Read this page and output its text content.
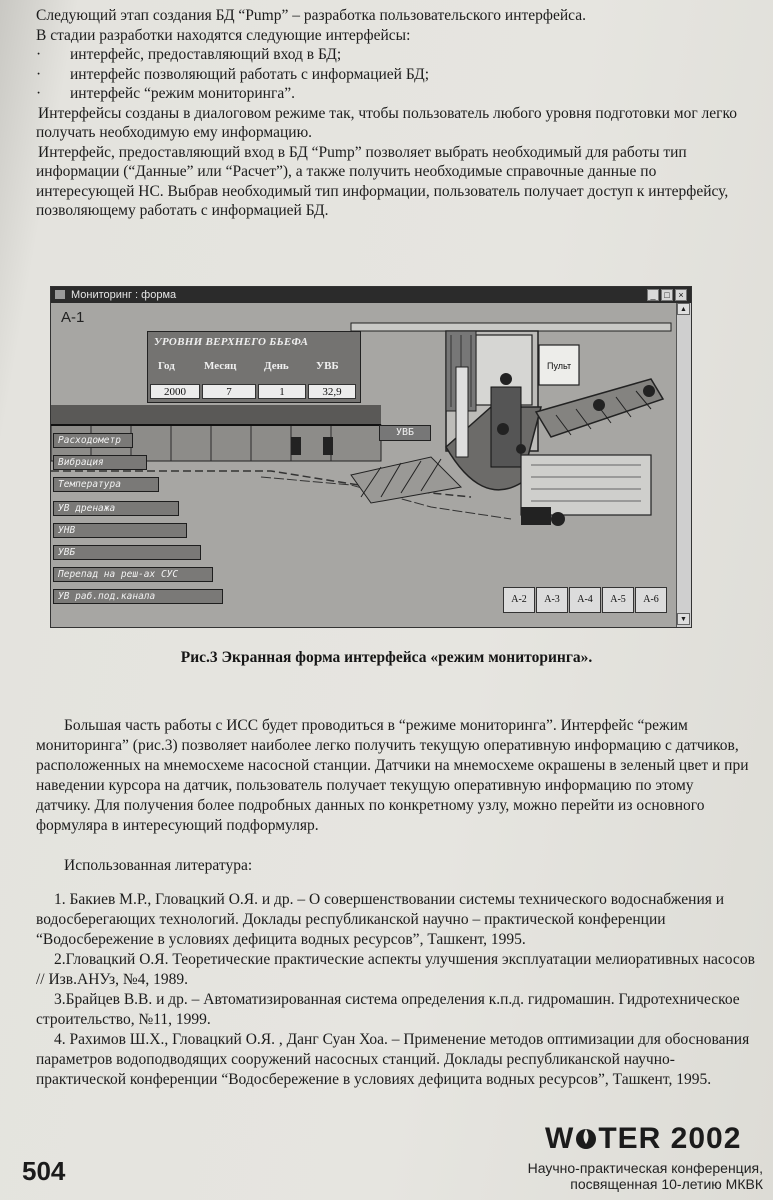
Следующий этап создания БД “Pump” – разработка пользовательского интерфейса.

В стадии разработки находятся следующие интерфейсы:

· интерфейс, предоставляющий вход в БД;
· интерфейс позволяющий работать с информацией БД;
· интерфейс “режим мониторинга”.

Интерфейсы созданы в диалоговом режиме так, чтобы пользователь любого уровня подготовки мог легко получать необходимую ему информацию.

Интерфейс, предоставляющий вход в БД “Pump” позволяет выбрать необходимый для работы тип информации (“Данные” или “Расчет”), а также получить необходимые справочные данные по интересующей НС. Выбрав необходимый тип информации, пользователь получает доступ к интерфейсу, позволяющему работать с информацией БД.

Мониторинг : форма	_ □ ×
Пульт
А-1
УРОВНИ ВЕРХНЕГО БЬЕФА
Год	Месяц	День УВБ
2000	7	1	32,9
Расходометр
Вибрация
Температура
УВ дренажа
УНВ
УВБ
Перепад на реш-ах СУС
УВ раб.под.канала
УВБ
А-2	А-3	А-4	А-5	А-6
▲
▼
Рис.3 Экранная форма интерфейса «режим мониторинга».

Большая часть работы с ИСС будет проводиться в “режиме мониторинга”. Интерфейс “режим мониторинга” (рис.3) позволяет наиболее легко получить текущую оперативную информацию с датчиков, расположенных на мнемосхеме насосной станции. Датчики на мнемосхеме окрашены в зеленый цвет и при наведении курсора на датчик, пользователь получает текущую оперативную информацию по этому датчику. Для получения более подробных данных по конкретному узлу, можно перейти из основного формуляра в интересующий подформуляр.

Использованная литература:

1. Бакиев М.Р., Гловацкий О.Я. и др. – О совершенствовании системы технического водоснабжения и водосберегающих технологий. Доклады республиканской научно – практической конференции “Водосбережение в условиях дефицита водных ресурсов”, Ташкент, 1995.

2.Гловацкий О.Я. Теоретические практические аспекты улучшения эксплуатации мелиоративных насосов // Изв.АНУз, №4, 1989.

3.Брайцев В.В. и др. – Автоматизированная система определения к.п.д. гидромашин. Гидротехническое строительство, №11, 1999.

4. Рахимов Ш.Х., Гловацкий О.Я. , Данг Суан Хоа. – Применение методов оптимизации для обоснования параметров водоподводящих сооружений насосных станций. Доклады республиканской научно-практической конференции “Водосбережение в условиях дефицита водных ресурсов”, Ташкент, 1995.

504
W TER 2002
Научно-практическая конференция,
посвященная 10-летию МКВК
